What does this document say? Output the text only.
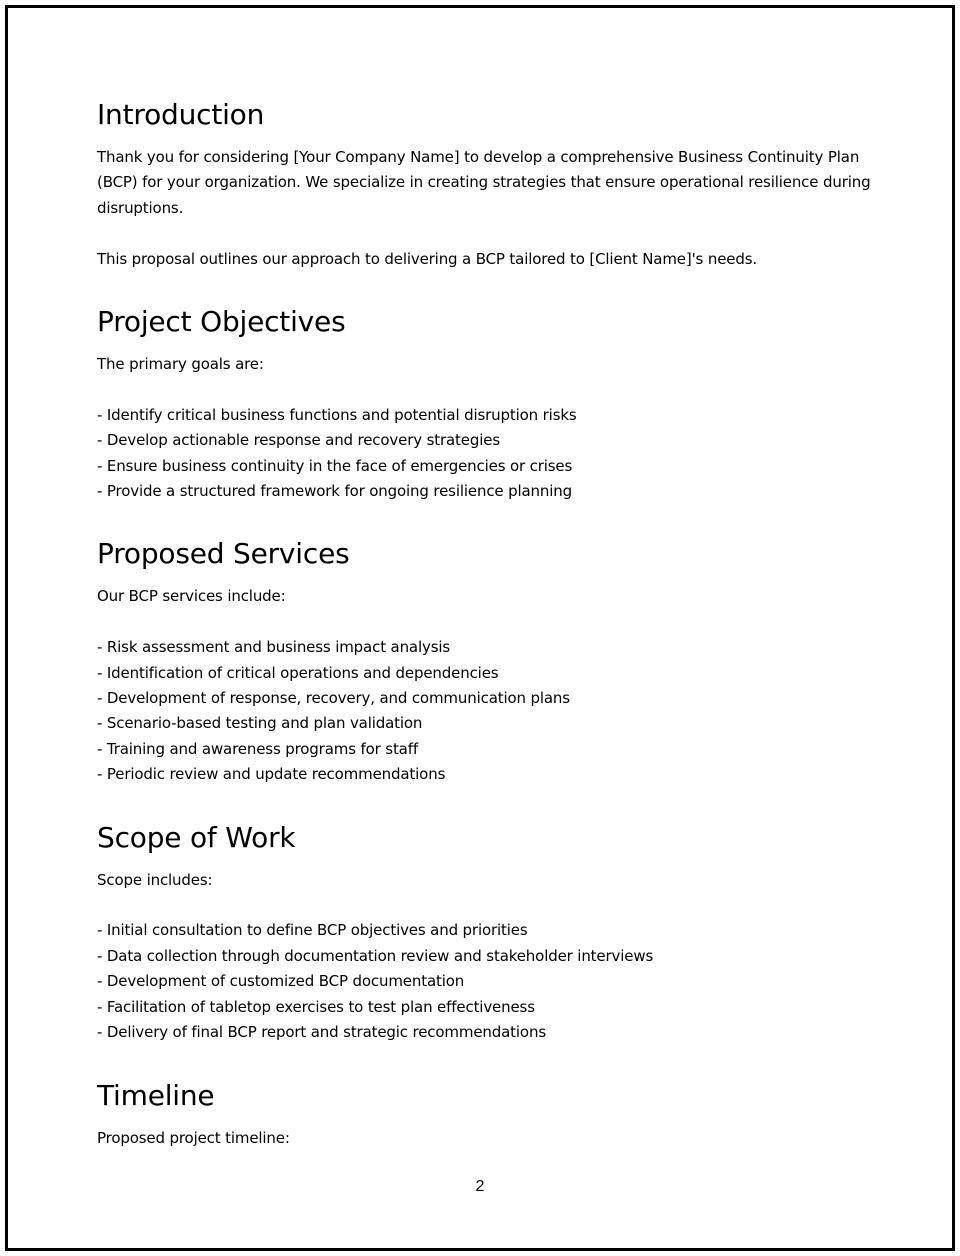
Introduction

Thank you for considering [Your Company Name] to develop a comprehensive Business Continuity Plan (BCP) for your organization. We specialize in creating strategies that ensure operational resilience during disruptions.

This proposal outlines our approach to delivering a BCP tailored to [Client Name]'s needs.

Project Objectives

The primary goals are:

- Identify critical business functions and potential disruption risks
- Develop actionable response and recovery strategies
- Ensure business continuity in the face of emergencies or crises
- Provide a structured framework for ongoing resilience planning
Proposed Services

Our BCP services include:

- Risk assessment and business impact analysis
- Identification of critical operations and dependencies
- Development of response, recovery, and communication plans
- Scenario-based testing and plan validation
- Training and awareness programs for staff
- Periodic review and update recommendations
Scope of Work

Scope includes:

- Initial consultation to define BCP objectives and priorities
- Data collection through documentation review and stakeholder interviews
- Development of customized BCP documentation
- Facilitation of tabletop exercises to test plan effectiveness
- Delivery of final BCP report and strategic recommendations
Timeline

Proposed project timeline:

2
